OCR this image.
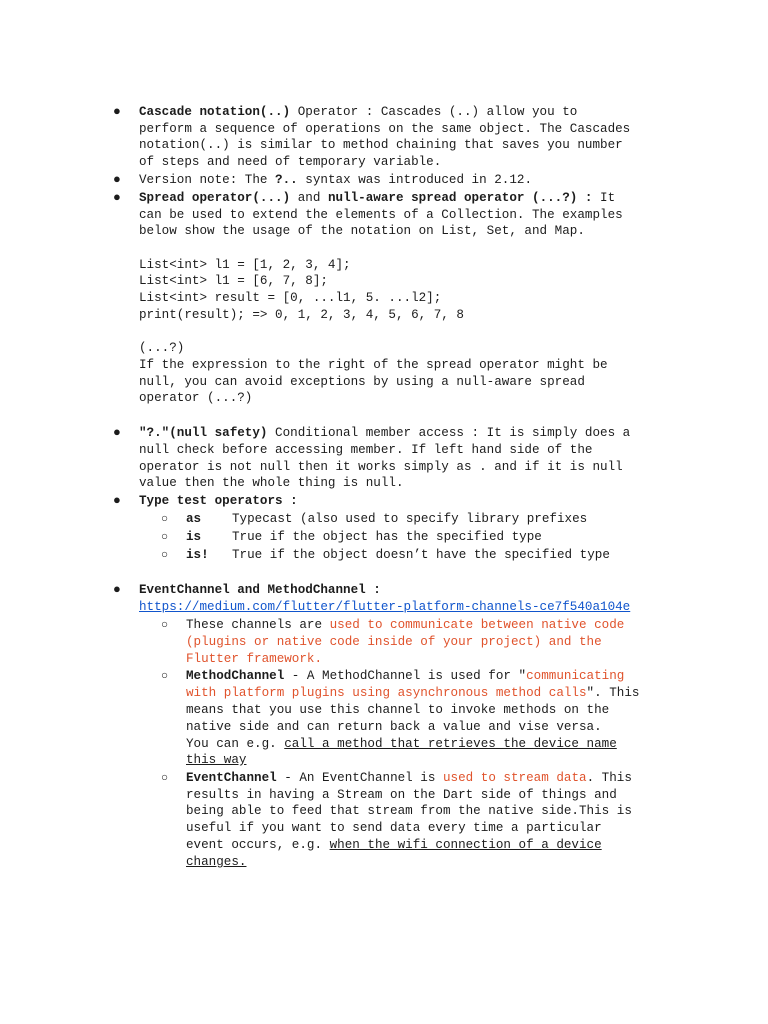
● Cascade notation(..) Operator : Cascades (..) allow you to
perform a sequence of operations on the same object. The Cascades
notation(..) is similar to method chaining that saves you number
of steps and need of temporary variable.
● Version note: The ?.. syntax was introduced in 2.12.
● Spread operator(...) and null-aware spread operator (...?) : It
can be used to extend the elements of a Collection. The examples
below show the usage of the notation on List, Set, and Map.
List<int> l1 = [1, 2, 3, 4];
List<int> l1 = [6, 7, 8];
List<int> result = [0, ...l1, 5. ...l2];
print(result); => 0, 1, 2, 3, 4, 5, 6, 7, 8
(...?)
If the expression to the right of the spread operator might be
null, you can avoid exceptions by using a null-aware spread
operator (...?)
● "?."(null safety) Conditional member access : It is simply does a
null check before accessing member. If left hand side of the
operator is not null then it works simply as . and if it is null
value then the whole thing is null.
● Type test operators :
○ as Typecast (also used to specify library prefixes
○ is True if the object has the specified type
○ is! True if the object doesn’t have the specified type
● EventChannel and MethodChannel :
https://medium.com/flutter/flutter-platform-channels-ce7f540a104e
○ These channels are used to communicate between native code
(plugins or native code inside of your project) and the
Flutter framework.
○ MethodChannel - A MethodChannel is used for "communicating
with platform plugins using asynchronous method calls". This
means that you use this channel to invoke methods on the
native side and can return back a value and vise versa.
You can e.g. call a method that retrieves the device name
this way
○ EventChannel - An EventChannel is used to stream data. This
results in having a Stream on the Dart side of things and
being able to feed that stream from the native side.This is
useful if you want to send data every time a particular
event occurs, e.g. when the wifi connection of a device
changes.
